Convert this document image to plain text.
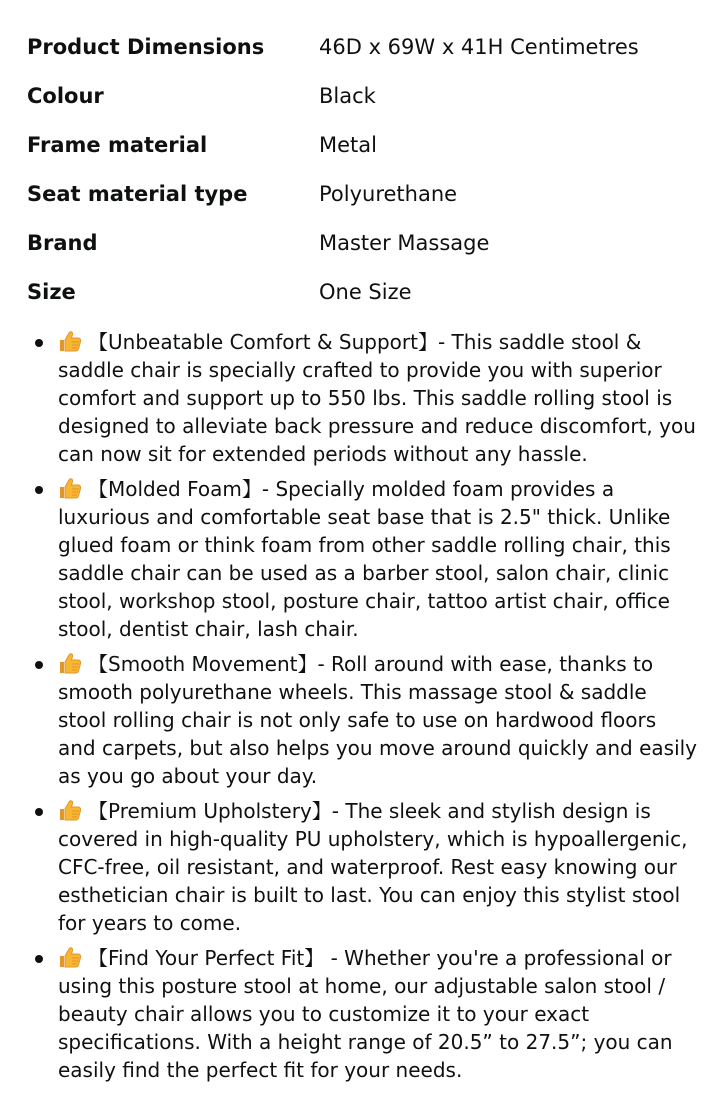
Product Dimensions	46D x 69W x 41H Centimetres
Colour	Black
Frame material	Metal
Seat material type	Polyurethane
Brand	Master Massage
Size	One Size
【Unbeatable Comfort & Support】- This saddle stool & saddle chair is specially crafted to provide you with superior comfort and support up to 550 lbs. This saddle rolling stool is designed to alleviate back pressure and reduce discomfort, you can now sit for extended periods without any hassle.
【Molded Foam】- Specially molded foam provides a luxurious and comfortable seat base that is 2.5" thick. Unlike glued foam or think foam from other saddle rolling chair, this saddle chair can be used as a barber stool, salon chair, clinic stool, workshop stool, posture chair, tattoo artist chair, office stool, dentist chair, lash chair.
【Smooth Movement】- Roll around with ease, thanks to smooth polyurethane wheels. This massage stool & saddle stool rolling chair is not only safe to use on hardwood floors and carpets, but also helps you move around quickly and easily as you go about your day.
【Premium Upholstery】- The sleek and stylish design is covered in high-quality PU upholstery, which is hypoallergenic, CFC-free, oil resistant, and waterproof. Rest easy knowing our esthetician chair is built to last. You can enjoy this stylist stool for years to come.
【Find Your Perfect Fit】 - Whether you're a professional or using this posture stool at home, our adjustable salon stool / beauty chair allows you to customize it to your exact specifications. With a height range of 20.5” to 27.5”; you can easily find the perfect fit for your needs.
